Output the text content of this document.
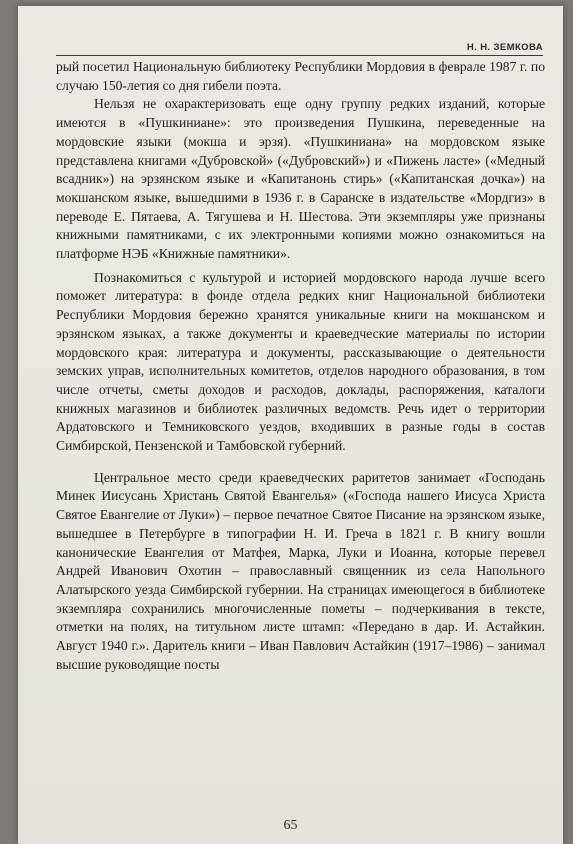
Н. Н. ЗЕМКОВА

рый посетил Национальную библиотеку Республики Мордовия в феврале 1987 г. по случаю 150-летия со дня гибели поэта.

Нельзя не охарактеризовать еще одну группу редких изданий, которые имеются в «Пушкиниане»: это произведения Пушкина, переведенные на мордовские языки (мокша и эрзя). «Пушкиниана» на мордовском языке представлена книгами «Дубровской» («Дубровский») и «Пижень ласте» («Медный всадник») на эрзянском языке и «Капитанонь стирь» («Капитанская дочка») на мокшанском языке, вышедшими в 1936 г. в Саранске в издательстве «Мордгиз» в переводе Е. Пятаева, А. Тягушева и Н. Шестова. Эти экземпляры уже признаны книжными памятниками, с их электронными копиями можно ознакомиться на платформе НЭБ «Книжные памятники».

Познакомиться с культурой и историей мордовского народа лучше всего поможет литература: в фонде отдела редких книг Национальной библиотеки Республики Мордовия бережно хранятся уникальные книги на мокшанском и эрзянском языках, а также документы и краеведческие материалы по истории мордовского края: литература и документы, рассказывающие о деятельности земских управ, исполнительных комитетов, отделов народного образования, в том числе отчеты, сметы доходов и расходов, доклады, распоряжения, каталоги книжных магазинов и библиотек различных ведомств. Речь идет о территории Ардатовского и Темниковского уездов, входивших в разные годы в состав Симбирской, Пензенской и Тамбовской губерний.

Центральное место среди краеведческих раритетов занимает «Господань Минек Иисусань Христань Святой Евангелья» («Господа нашего Иисуса Христа Святое Евангелие от Луки») – первое печатное Святое Писание на эрзянском языке, вышедшее в Петербурге в типографии Н. И. Греча в 1821 г. В книгу вошли канонические Евангелия от Матфея, Марка, Луки и Иоанна, которые перевел Андрей Иванович Охотин – православный священник из села Напольного Алатырского уезда Симбирской губернии. На страницах имеющегося в библиотеке экземпляра сохранились многочисленные пометы – подчеркивания в тексте, отметки на полях, на титульном листе штамп: «Передано в дар. И. Астайкин. Август 1940 г.». Даритель книги – Иван Павлович Астайкин (1917–1986) – занимал высшие руководящие посты

65
